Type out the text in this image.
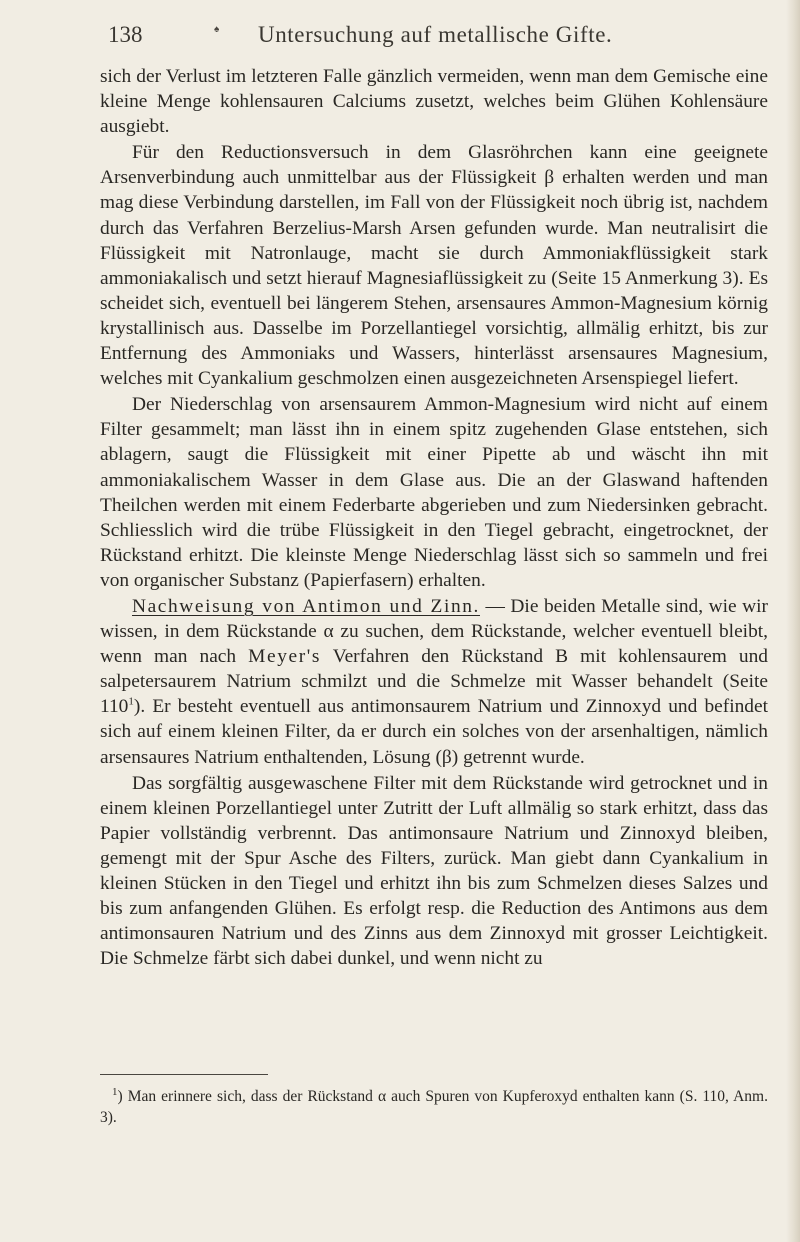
138	♠ Untersuchung auf metallische Gifte.

sich der Verlust im letzteren Falle gänzlich vermeiden, wenn man dem Gemische eine kleine Menge kohlensauren Calciums zusetzt, welches beim Glühen Kohlensäure ausgiebt.

Für den Reductionsversuch in dem Glasröhrchen kann eine geeignete Arsenverbindung auch unmittelbar aus der Flüssigkeit β erhalten werden und man mag diese Verbindung darstellen, im Fall von der Flüssigkeit noch übrig ist, nachdem durch das Verfahren Berzelius-Marsh Arsen gefunden wurde. Man neutralisirt die Flüssigkeit mit Natronlauge, macht sie durch Ammoniakflüssigkeit stark ammoniakalisch und setzt hierauf Magnesiaflüssigkeit zu (Seite 15 Anmerkung 3). Es scheidet sich, eventuell bei längerem Stehen, arsensaures Ammon-Magnesium körnig krystallinisch aus. Dasselbe im Porzellantiegel vorsichtig, allmälig erhitzt, bis zur Entfernung des Ammoniaks und Wassers, hinterlässt arsensaures Magnesium, welches mit Cyankalium geschmolzen einen ausgezeichneten Arsenspiegel liefert.

Der Niederschlag von arsensaurem Ammon-Magnesium wird nicht auf einem Filter gesammelt; man lässt ihn in einem spitz zugehenden Glase entstehen, sich ablagern, saugt die Flüssigkeit mit einer Pipette ab und wäscht ihn mit ammoniakalischem Wasser in dem Glase aus. Die an der Glaswand haftenden Theilchen werden mit einem Federbarte abgerieben und zum Niedersinken gebracht. Schliesslich wird die trübe Flüssigkeit in den Tiegel gebracht, eingetrocknet, der Rückstand erhitzt. Die kleinste Menge Niederschlag lässt sich so sammeln und frei von organischer Substanz (Papierfasern) erhalten.

Nachweisung von Antimon und Zinn. — Die beiden Metalle sind, wie wir wissen, in dem Rückstande α zu suchen, dem Rückstande, welcher eventuell bleibt, wenn man nach Meyer's Verfahren den Rückstand B mit kohlensaurem und salpetersaurem Natrium schmilzt und die Schmelze mit Wasser behandelt (Seite $110^1$). Er besteht eventuell aus antimonsaurem Natrium und Zinnoxyd und befindet sich auf einem kleinen Filter, da er durch ein solches von der arsenhaltigen, nämlich arsensaures Natrium enthaltenden, Lösung (β) getrennt wurde.

Das sorgfältig ausgewaschene Filter mit dem Rückstande wird getrocknet und in einem kleinen Porzellantiegel unter Zutritt der Luft allmälig so stark erhitzt, dass das Papier vollständig verbrennt. Das antimonsaure Natrium und Zinnoxyd bleiben, gemengt mit der Spur Asche des Filters, zurück. Man giebt dann Cyankalium in kleinen Stücken in den Tiegel und erhitzt ihn bis zum Schmelzen dieses Salzes und bis zum anfangenden Glühen. Es erfolgt resp. die Reduction des Antimons aus dem antimonsauren Natrium und des Zinns aus dem Zinnoxyd mit grosser Leichtigkeit. Die Schmelze färbt sich dabei dunkel, und wenn nicht zu

$^1$) Man erinnere sich, dass der Rückstand α auch Spuren von Kupferoxyd enthalten kann (S. 110, Anm. 3).
